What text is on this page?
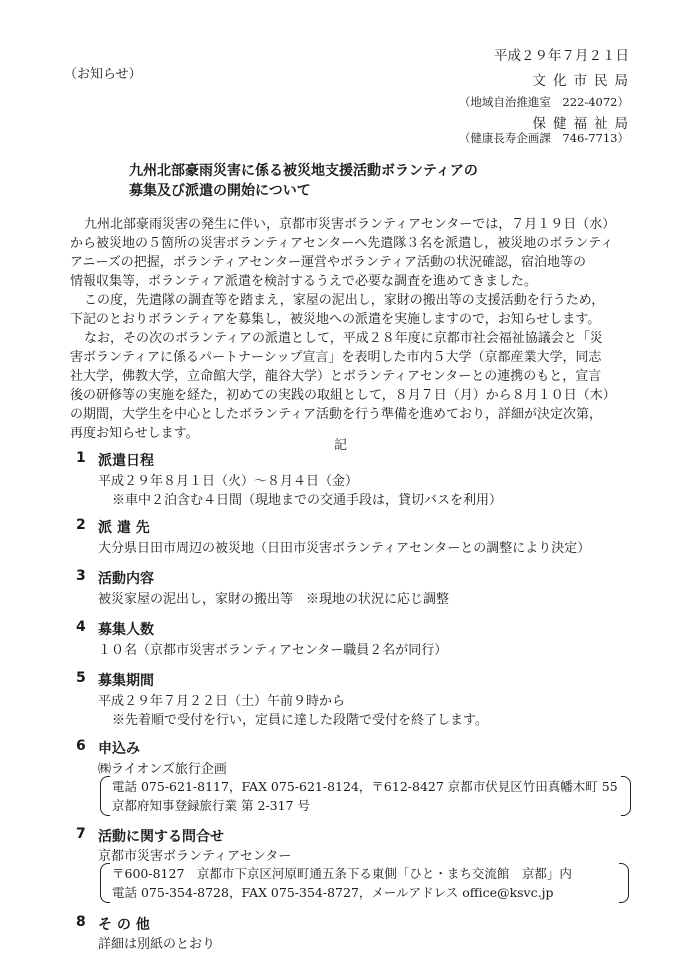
（お知らせ）
平成２９年７月２１日
文化市民局
（地域自治推進室　222-4072）
保健福祉局
（健康長寿企画課　746-7713）
九州北部豪雨災害に係る被災地支援活動ボランティアの
募集及び派遣の開始について
九州北部豪雨災害の発生に伴い，京都市災害ボランティアセンターでは，７月１９日（水）
から被災地の５箇所の災害ボランティアセンターへ先遣隊３名を派遣し，被災地のボランティ
アニーズの把握，ボランティアセンター運営やボランティア活動の状況確認，宿泊地等の
情報収集等，ボランティア派遣を検討するうえで必要な調査を進めてきました。
この度，先遣隊の調査等を踏まえ，家屋の泥出し，家財の搬出等の支援活動を行うため，
下記のとおりボランティアを募集し，被災地への派遣を実施しますので，お知らせします。
なお，その次のボランティアの派遣として，平成２８年度に京都市社会福祉協議会と「災
害ボランティアに係るパートナーシップ宣言」を表明した市内５大学（京都産業大学，同志
社大学，佛教大学，立命館大学，龍谷大学）とボランティアセンターとの連携のもと，宣言
後の研修等の実施を経た，初めての実践の取組として，８月７日（月）から８月１０日（木）
の期間，大学生を中心としたボランティア活動を行う準備を進めており，詳細が決定次第，
再度お知らせします。
記
1 派遣日程
平成２９年８月１日（火）～８月４日（金）
※車中２泊含む４日間（現地までの交通手段は，貸切バスを利用）
2 派 遣 先
大分県日田市周辺の被災地（日田市災害ボランティアセンターとの調整により決定）
3 活動内容
被災家屋の泥出し，家財の搬出等　※現地の状況に応じ調整
4 募集人数
１０名（京都市災害ボランティアセンター職員２名が同行）
5 募集期間
平成２９年７月２２日（土）午前９時から
※先着順で受付を行い，定員に達した段階で受付を終了します。
6 申込み
㈱ライオンズ旅行企画
電話 075-621-8117，FAX 075-621-8124，〒612-8427 京都市伏見区竹田真幡木町 55
京都府知事登録旅行業 第 2-317 号
7 活動に関する問合せ
京都市災害ボランティアセンター
〒600-8127　京都市下京区河原町通五条下る東側「ひと・まち交流館　京都」内
電話 075-354-8728，FAX 075-354-8727，メールアドレス office@ksvc.jp
8 そ の 他
詳細は別紙のとおり
